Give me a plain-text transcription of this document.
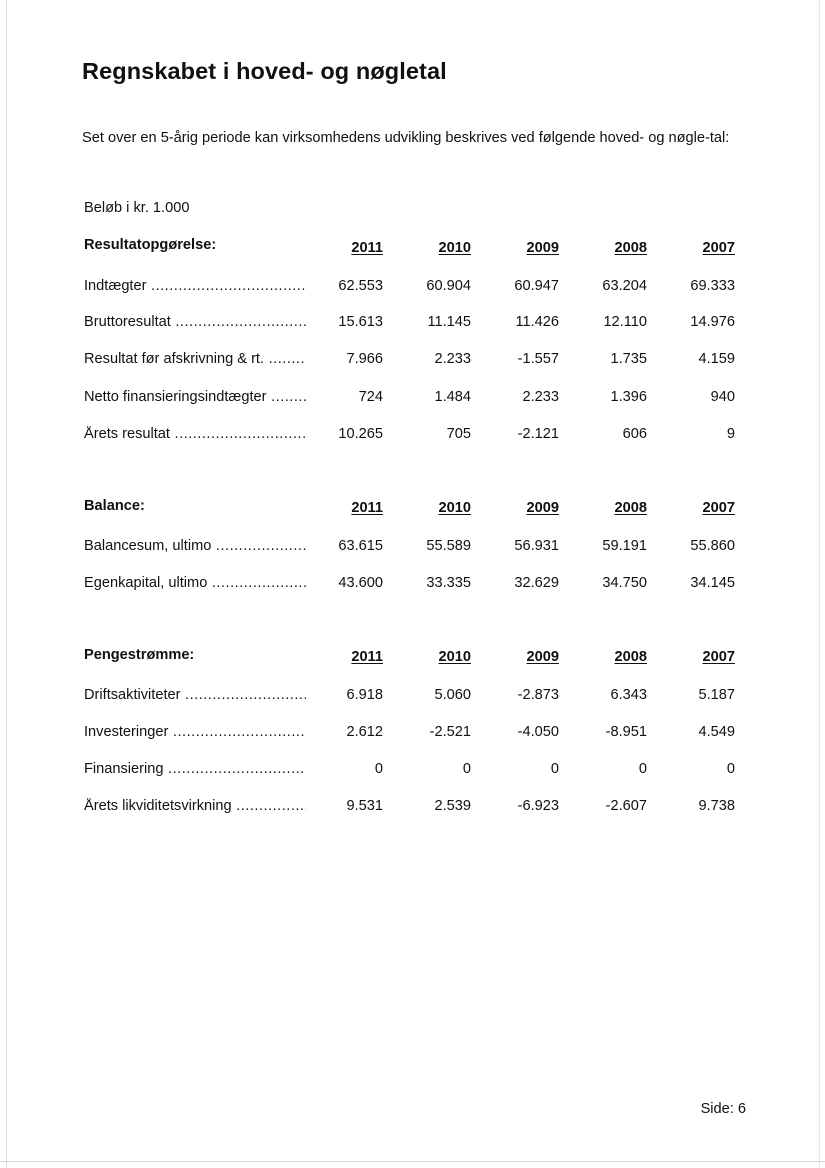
Regnskabet i hoved- og nøgletal
Set over en 5-årig periode kan virksomhedens udvikling beskrives ved følgende hoved- og nøgle-tal:
Beløb i kr. 1.000
Resultatopgørelse:	2011	2010	2009	2008	2007
Indtægter .....	62.553	60.904	60.947	63.204	69.333
Bruttoresultat .....	15.613	11.145	11.426	12.110	14.976
Resultat før afskrivning & rt. .....	7.966	2.233	-1.557	1.735	4.159
Netto finansieringsindtægter .....	724	1.484	2.233	1.396	940
Årets resultat .....	10.265	705	-2.121	606	9
Balance:	2011	2010	2009	2008	2007
Balancesum, ultimo .....	63.615	55.589	56.931	59.191	55.860
Egenkapital, ultimo .....	43.600	33.335	32.629	34.750	34.145
Pengestrømme:	2011	2010	2009	2008	2007
Driftsaktiviteter .....	6.918	5.060	-2.873	6.343	5.187
Investeringer .....	2.612	-2.521	-4.050	-8.951	4.549
Finansiering .....	0	0	0	0	0
Årets likviditetsvirkning .....	9.531	2.539	-6.923	-2.607	9.738
Side: 6
